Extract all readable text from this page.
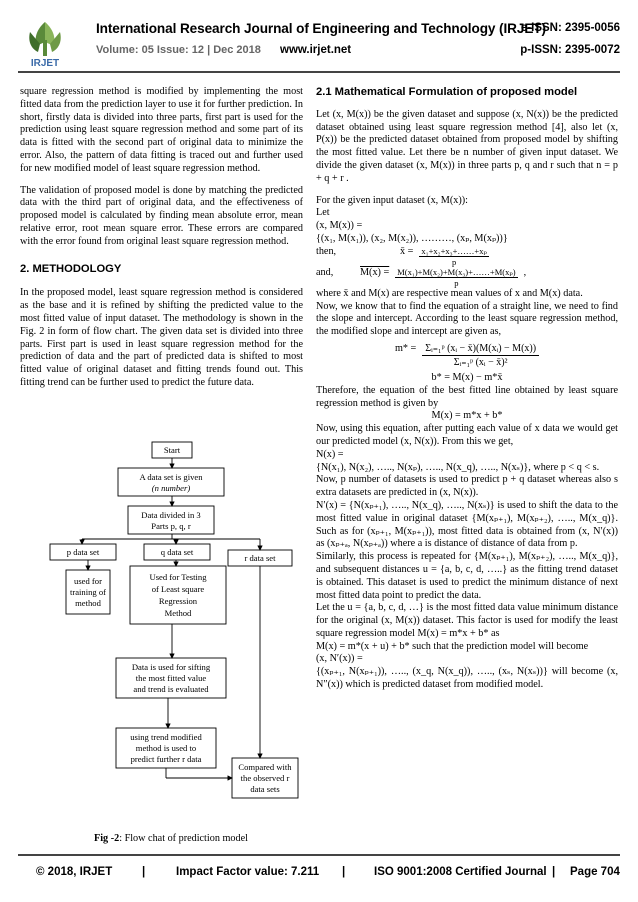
IRJET
International Research Journal of Engineering and Technology (IRJET)
e-ISSN: 2395-0056
Volume: 05 Issue: 12 | Dec 2018 www.irjet.net	p-ISSN: 2395-0072

square regression method is modified by implementing the most fitted data from the prediction layer to use it for further prediction. In short, firstly data is divided into three parts, first part is used for the prediction using least square regression method and some part of its data is fitted with the second part of original data to minimize the error. Also, the pattern of data fitting is traced out and further used for new modified model of least square regression method.

The validation of proposed model is done by matching the predicted data with the third part of original data, and the effectiveness of proposed model is calculated by finding mean absolute error, mean relative error, root mean square error. These errors are compared with the error found from original least square regression method.

2. METHODOLOGY

In the proposed model, least square regression method is considered as the base and it is refined by shifting the predicted value to the most fitted value of input dataset. The methodology is shown in the Fig. 2 in form of flow chart. The given data set is divided into three parts. First part is used in least square regression method for the prediction of data and the part of predicted data is shifted to most fitted value of original dataset and fitting trends found out. This fitting trend can be further used to predict the future data.

Start
A data set is given
(n number)
Data divided in 3
Parts p, q, r
p data set	q data set
r data set
used for
training of
method
Used for Testing
of Least square
Regression
Method
Data is used for sifting
the most fitted value
and trend is evaluated
using trend modified
method is used to
predict further r data
Compared with
the observed r
data sets
Fig -2: Flow chat of prediction model
2.1 Mathematical Formulation of proposed model

Let (x, M(x)) be the given dataset and suppose (x, N(x)) be the predicted dataset obtained using least square regression method [4], also let (x, P(x)) be the predicted dataset obtained from proposed model by shifting the most fitted value. Let there be n number of given input dataset. We divide the given dataset (x, M(x)) in three parts p, q and r such that n = p + q + r .

For the given input dataset (x, M(x)):

Let
(x, M(x)) =
{(x₁, M(x₁)), (x₂, M(x₂)), ………, (xₚ, M(xₚ))}
then,	x̄ = $\frac{\text{x₁+x₂+x₃+……+xₚ}}{p}$
and,	$M(x) = \frac{\text{M(x₁)+M(x₂)+M(x₃)+……+M(xₚ)}}{p}$ ,
where x̄ and M(x) are respective mean values of x and M(x) data.
Now, we know that to find the equation of a straight line, we need to find the slope and intercept. According to the least square regression method, the modified slope and intercept are given as,
$m* = \frac{\text{Σᵢ₌₁ᵖ (xᵢ − x̄)(M(xᵢ) − M(x))}}{\text{Σᵢ₌₁ᵖ (xᵢ − x̄)²}}$
b* = M(x) − m*x̄
Therefore, the equation of the best fitted line obtained by least square regression method is given by
M(x) = m*x + b*
Now, using this equation, after putting each value of x data we would get our predicted model (x, N(x)). From this we get,
N(x) =
{N(x₁), N(x₂), ….., N(xₚ), ….., N(x_q), ….., N(xₛ)}, where p < q < s.
Now, p number of datasets is used to predict p + q dataset whereas also s extra datasets are predicted in (x, N(x)).
N′(x) = {N(xₚ₊₁), ….., N(x_q), ….., N(xₛ)} is used to shift the data to the most fitted value in original dataset {M(xₚ₊₁), M(xₚ₊₂), ….., M(x_q)}. Such as for (xₚ₊₁, M(xₚ₊₁)), most fitted data is obtained from (x, N′(x)) as (xₚ₊ₐ, N(xₚ₊ₐ)) where a is distance of distance of data from p.
Similarly, this process is repeated for {M(xₚ₊₁), M(xₚ₊₂), ….., M(x_q)}, and subsequent distances u = {a, b, c, d, …..} as the fitting trend dataset is obtained. This dataset is used to predict the minimum distance of next most fitted data point to predict the data.
Let the u = {a, b, c, d, …} is the most fitted data value minimum distance for the original (x, M(x)) dataset. This factor is used for modify the least square regression model M(x) = m*x + b* as
M(x) = m*(x + u) + b* such that the prediction model will become
(x, N′(x)) =
{(xₚ₊₁, N(xₚ₊₁)), ….., (x_q, N(x_q)), ….., (xₛ, N(xₛ))} will become (x, N″(x)) which is predicted dataset from modified model.
© 2018, IRJET	|	Impact Factor value: 7.211 |	ISO 9001:2008 Certified Journal | Page 704
